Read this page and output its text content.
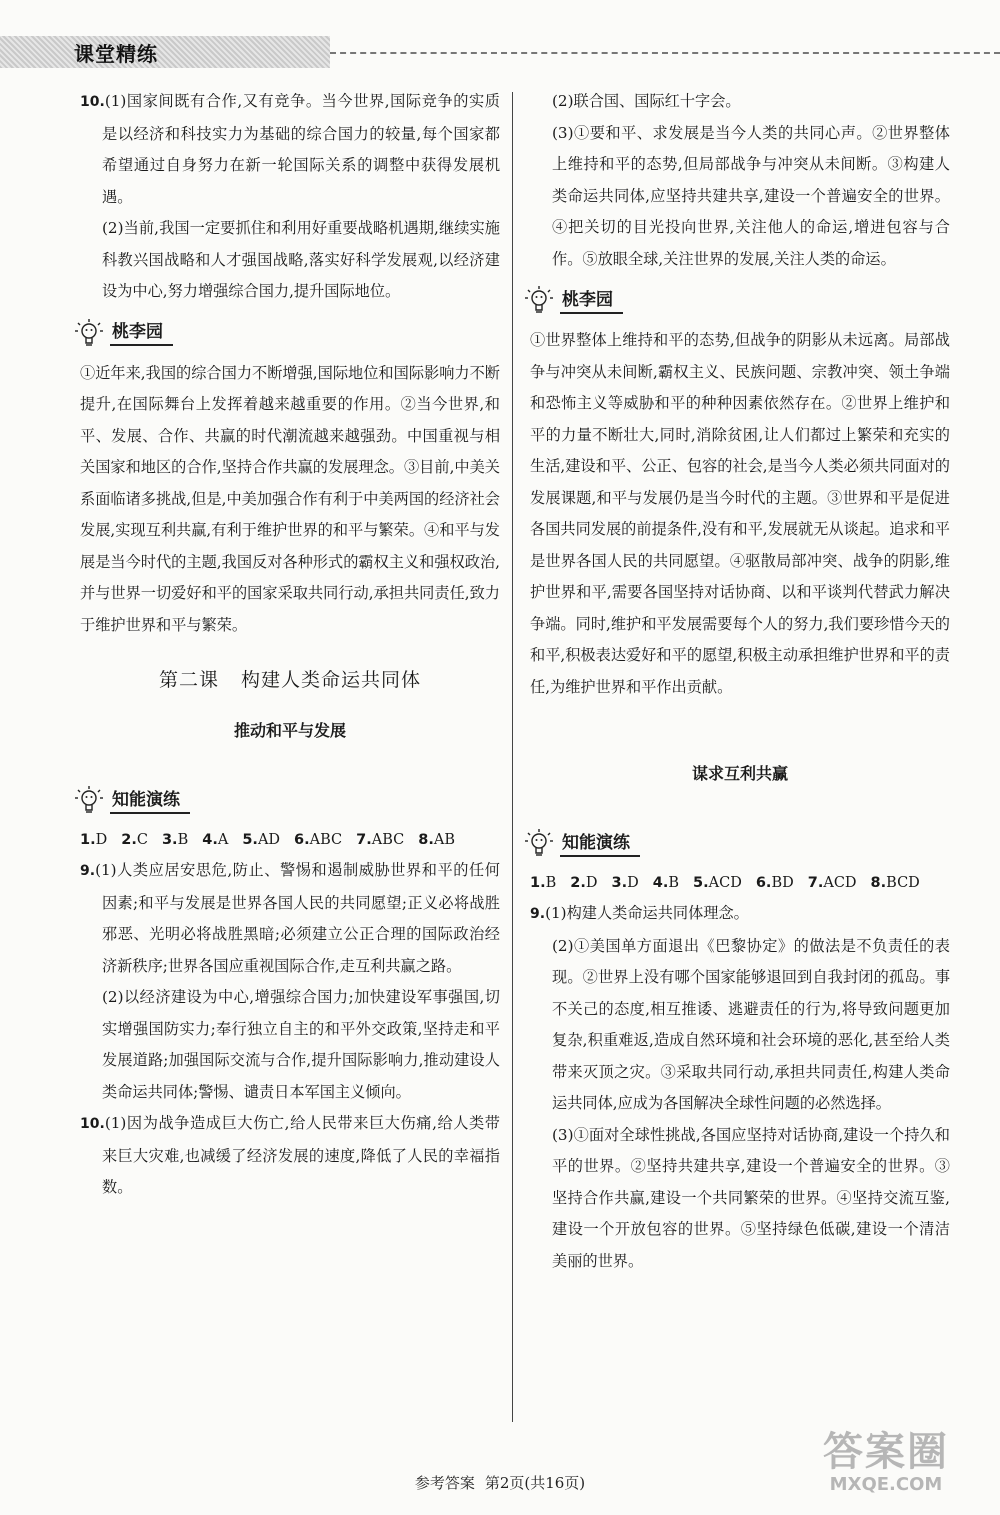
课堂精练

10.(1)国家间既有合作,又有竞争。当今世界,国际竞争的实质是以经济和科技实力为基础的综合国力的较量,每个国家都希望通过自身努力在新一轮国际关系的调整中获得发展机遇。

(2)当前,我国一定要抓住和利用好重要战略机遇期,继续实施科教兴国战略和人才强国战略,落实好科学发展观,以经济建设为中心,努力增强综合国力,提升国际地位。

桃李园

①近年来,我国的综合国力不断增强,国际地位和国际影响力不断提升,在国际舞台上发挥着越来越重要的作用。②当今世界,和平、发展、合作、共赢的时代潮流越来越强劲。中国重视与相关国家和地区的合作,坚持合作共赢的发展理念。③目前,中美关系面临诸多挑战,但是,中美加强合作有利于中美两国的经济社会发展,实现互利共赢,有利于维护世界的和平与繁荣。④和平与发展是当今时代的主题,我国反对各种形式的霸权主义和强权政治,并与世界一切爱好和平的国家采取共同行动,承担共同责任,致力于维护世界和平与繁荣。

第二课 构建人类命运共同体
推动和平与发展
知能演练
1.D 2.C 3.B 4.A 5.AD 6.ABC 7.ABC 8.AB

9.(1)人类应居安思危,防止、警惕和遏制威胁世界和平的任何因素;和平与发展是世界各国人民的共同愿望;正义必将战胜邪恶、光明必将战胜黑暗;必须建立公正合理的国际政治经济新秩序;世界各国应重视国际合作,走互利共赢之路。

(2)以经济建设为中心,增强综合国力;加快建设军事强国,切实增强国防实力;奉行独立自主的和平外交政策,坚持走和平发展道路;加强国际交流与合作,提升国际影响力,推动建设人类命运共同体;警惕、谴责日本军国主义倾向。

10.(1)因为战争造成巨大伤亡,给人民带来巨大伤痛,给人类带来巨大灾难,也减缓了经济发展的速度,降低了人民的幸福指数。

(2)联合国、国际红十字会。

(3)①要和平、求发展是当今人类的共同心声。②世界整体上维持和平的态势,但局部战争与冲突从未间断。③构建人类命运共同体,应坚持共建共享,建设一个普遍安全的世界。④把关切的目光投向世界,关注他人的命运,增进包容与合作。⑤放眼全球,关注世界的发展,关注人类的命运。

桃李园

①世界整体上维持和平的态势,但战争的阴影从未远离。局部战争与冲突从未间断,霸权主义、民族问题、宗教冲突、领土争端和恐怖主义等威胁和平的种种因素依然存在。②世界上维护和平的力量不断壮大,同时,消除贫困,让人们都过上繁荣和充实的生活,建设和平、公正、包容的社会,是当今人类必须共同面对的发展课题,和平与发展仍是当今时代的主题。③世界和平是促进各国共同发展的前提条件,没有和平,发展就无从谈起。追求和平是世界各国人民的共同愿望。④驱散局部冲突、战争的阴影,维护世界和平,需要各国坚持对话协商、以和平谈判代替武力解决争端。同时,维护和平发展需要每个人的努力,我们要珍惜今天的和平,积极表达爱好和平的愿望,积极主动承担维护世界和平的责任,为维护世界和平作出贡献。

谋求互利共赢
知能演练
1.B 2.D 3.D 4.B 5.ACD 6.BD 7.ACD 8.BCD

9.(1)构建人类命运共同体理念。

(2)①美国单方面退出《巴黎协定》的做法是不负责任的表现。②世界上没有哪个国家能够退回到自我封闭的孤岛。事不关己的态度,相互推诿、逃避责任的行为,将导致问题更加复杂,积重难返,造成自然环境和社会环境的恶化,甚至给人类带来灭顶之灾。③采取共同行动,承担共同责任,构建人类命运共同体,应成为各国解决全球性问题的必然选择。

(3)①面对全球性挑战,各国应坚持对话协商,建设一个持久和平的世界。②坚持共建共享,建设一个普遍安全的世界。③坚持合作共赢,建设一个共同繁荣的世界。④坚持交流互鉴,建设一个开放包容的世界。⑤坚持绿色低碳,建设一个清洁美丽的世界。

参考答案 第2页(共16页)
答案圈
MXQE.COM
